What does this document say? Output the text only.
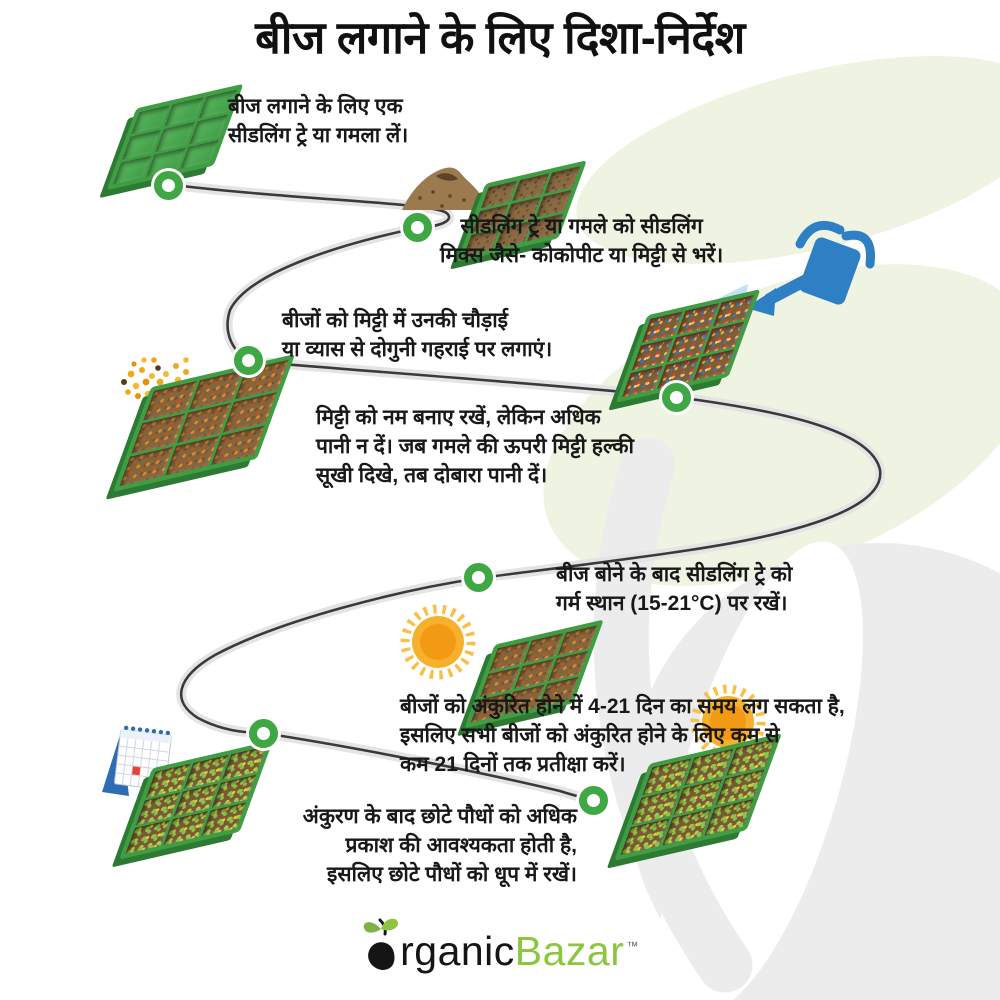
बीज लगाने के लिए दिशा-निर्देश
बीज लगाने के लिए एक
सीडलिंग ट्रे या गमला लें।
सीडलिंग ट्रे या गमले को सीडलिंग
मिक्स जैसे- कोकोपीट या मिट्टी से भरें।
बीजों को मिट्टी में उनकी चौड़ाई
या व्यास से दोगुनी गहराई पर लगाएं।
मिट्टी को नम बनाए रखें, लेकिन अधिक
पानी न दें। जब गमले की ऊपरी मिट्टी हल्की
सूखी दिखे, तब दोबारा पानी दें।
बीज बोने के बाद सीडलिंग ट्रे को
गर्म स्थान (15-21°C) पर रखें।
बीजों को अंकुरित होने में 4-21 दिन का समय लग सकता है,
इसलिए सभी बीजों को अंकुरित होने के लिए कम से
कम 21 दिनों तक प्रतीक्षा करें।
अंकुरण के बाद छोटे पौधों को अधिक
प्रकाश की आवश्यकता होती है,
इसलिए छोटे पौधों को धूप में रखें।
rganicBazar ™
